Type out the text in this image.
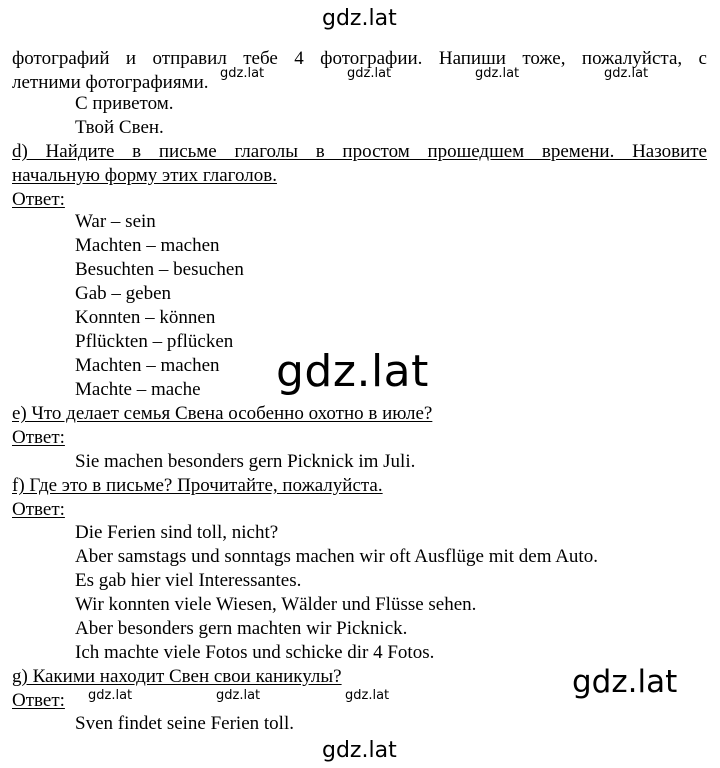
gdz.lat
фотографий и отправил тебе 4 фотографии. Напиши тоже, пожалуйста, с
летними фотографиями. gdz.lat	gdz.lat	gdz.lat	gdz.lat
С приветом.
Твой Свен.
d) Найдите в письме глаголы в простом прошедшем времени. Назовите
начальную форму этих глаголов.
Ответ:
War – sein
Machten – machen
Besuchten – besuchen
Gab – geben
Konnten – können
Pflückten – pflücken
Machten – machen
Machte – mache gdz.lat
e) Что делает семья Свена особенно охотно в июле?
Ответ:
Sie machen besonders gern Picknick im Juli.
f) Где это в письме? Прочитайте, пожалуйста.
Ответ:
Die Ferien sind toll, nicht?
Aber samstags und sonntags machen wir oft Ausflüge mit dem Auto.
Es gab hier viel Interessantes.
Wir konnten viele Wiesen, Wälder und Flüsse sehen.
Aber besonders gern machten wir Picknick.
Ich machte viele Fotos und schicke dir 4 Fotos.
g) Какими находит Свен свои каникулы?
Ответ: gdz.lat	gdz.lat	gdz.lat	gdz.lat
Sven findet seine Ferien toll.
gdz.lat
